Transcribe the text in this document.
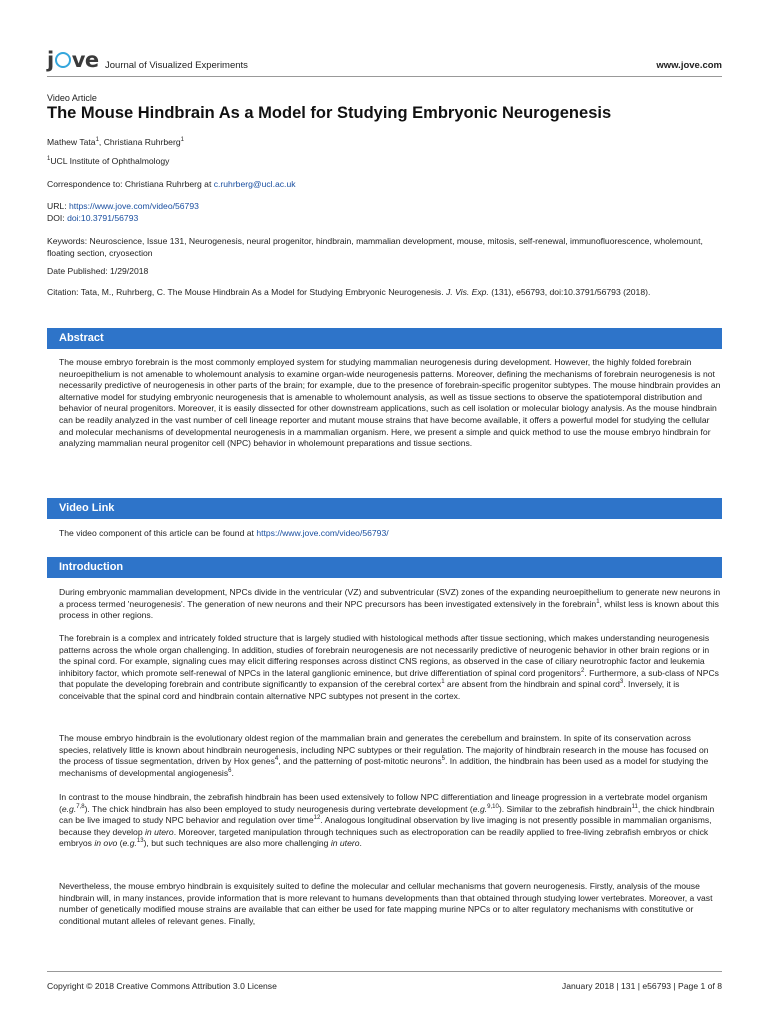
j ve Journal of Visualized Experiments	www.jove.com
Video Article
The Mouse Hindbrain As a Model for Studying Embryonic Neurogenesis
Mathew Tata$^1$, Christiana Ruhrberg$^1$
$^1$UCL Institute of Ophthalmology
Correspondence to: Christiana Ruhrberg at c.ruhrberg@ucl.ac.uk
URL: https://www.jove.com/video/56793
DOI: doi:10.3791/56793
Keywords: Neuroscience, Issue 131, Neurogenesis, neural progenitor, hindbrain, mammalian development, mouse, mitosis, self-renewal, immunofluorescence, wholemount, floating section, cryosection
Date Published: 1/29/2018
Citation: Tata, M., Ruhrberg, C. The Mouse Hindbrain As a Model for Studying Embryonic Neurogenesis. J. Vis. Exp. (131), e56793, doi:10.3791/56793 (2018).
Abstract
The mouse embryo forebrain is the most commonly employed system for studying mammalian neurogenesis during development. However, the highly folded forebrain neuroepithelium is not amenable to wholemount analysis to examine organ-wide neurogenesis patterns. Moreover, defining the mechanisms of forebrain neurogenesis is not necessarily predictive of neurogenesis in other parts of the brain; for example, due to the presence of forebrain-specific progenitor subtypes. The mouse hindbrain provides an alternative model for studying embryonic neurogenesis that is amenable to wholemount analysis, as well as tissue sections to observe the spatiotemporal distribution and behavior of neural progenitors. Moreover, it is easily dissected for other downstream applications, such as cell isolation or molecular biology analysis. As the mouse hindbrain can be readily analyzed in the vast number of cell lineage reporter and mutant mouse strains that have become available, it offers a powerful model for studying the cellular and molecular mechanisms of developmental neurogenesis in a mammalian organism. Here, we present a simple and quick method to use the mouse embryo hindbrain for analyzing mammalian neural progenitor cell (NPC) behavior in wholemount preparations and tissue sections.
Video Link
The video component of this article can be found at https://www.jove.com/video/56793/
Introduction
During embryonic mammalian development, NPCs divide in the ventricular (VZ) and subventricular (SVZ) zones of the expanding neuroepithelium to generate new neurons in a process termed 'neurogenesis'. The generation of new neurons and their NPC precursors has been investigated extensively in the forebrain$^1$, whilst less is known about this process in other regions.
The forebrain is a complex and intricately folded structure that is largely studied with histological methods after tissue sectioning, which makes understanding neurogenesis patterns across the whole organ challenging. In addition, studies of forebrain neurogenesis are not necessarily predictive of neurogenic behavior in other brain regions or in the spinal cord. For example, signaling cues may elicit differing responses across distinct CNS regions, as observed in the case of ciliary neurotrophic factor and leukemia inhibitory factor, which promote self-renewal of NPCs in the lateral ganglionic eminence, but drive differentiation of spinal cord progenitors$^2$. Furthermore, a sub-class of NPCs that populate the developing forebrain and contribute significantly to expansion of the cerebral cortex$^1$ are absent from the hindbrain and spinal cord$^3$. Inversely, it is conceivable that the spinal cord and hindbrain contain alternative NPC subtypes not present in the cortex.
The mouse embryo hindbrain is the evolutionary oldest region of the mammalian brain and generates the cerebellum and brainstem. In spite of its conservation across species, relatively little is known about hindbrain neurogenesis, including NPC subtypes or their regulation. The majority of hindbrain research in the mouse has focused on the process of tissue segmentation, driven by Hox genes$^4$, and the patterning of post-mitotic neurons$^5$. In addition, the hindbrain has been used as a model for studying the mechanisms of developmental angiogenesis$^6$.
In contrast to the mouse hindbrain, the zebrafish hindbrain has been used extensively to follow NPC differentiation and lineage progression in a vertebrate model organism (e.g.$^{7,8}$). The chick hindbrain has also been employed to study neurogenesis during vertebrate development (e.g.$^{9,10}$). Similar to the zebrafish hindbrain$^{11}$, the chick hindbrain can be live imaged to study NPC behavior and regulation over time$^{12}$. Analogous longitudinal observation by live imaging is not presently possible in mammalian organisms, because they develop in utero. Moreover, targeted manipulation through techniques such as electroporation can be readily applied to free-living zebrafish embryos or chick embryos in ovo (e.g.$^{13}$), but such techniques are also more challenging in utero.
Nevertheless, the mouse embryo hindbrain is exquisitely suited to define the molecular and cellular mechanisms that govern neurogenesis. Firstly, analysis of the mouse hindbrain will, in many instances, provide information that is more relevant to humans developments than that obtained through studying lower vertebrates. Moreover, a vast number of genetically modified mouse strains are available that can either be used for fate mapping murine NPCs or to alter regulatory mechanisms with constitutive or conditional mutant alleles of relevant genes. Finally,
Copyright © 2018 Creative Commons Attribution 3.0 License	January 2018 | 131 | e56793 | Page 1 of 8
